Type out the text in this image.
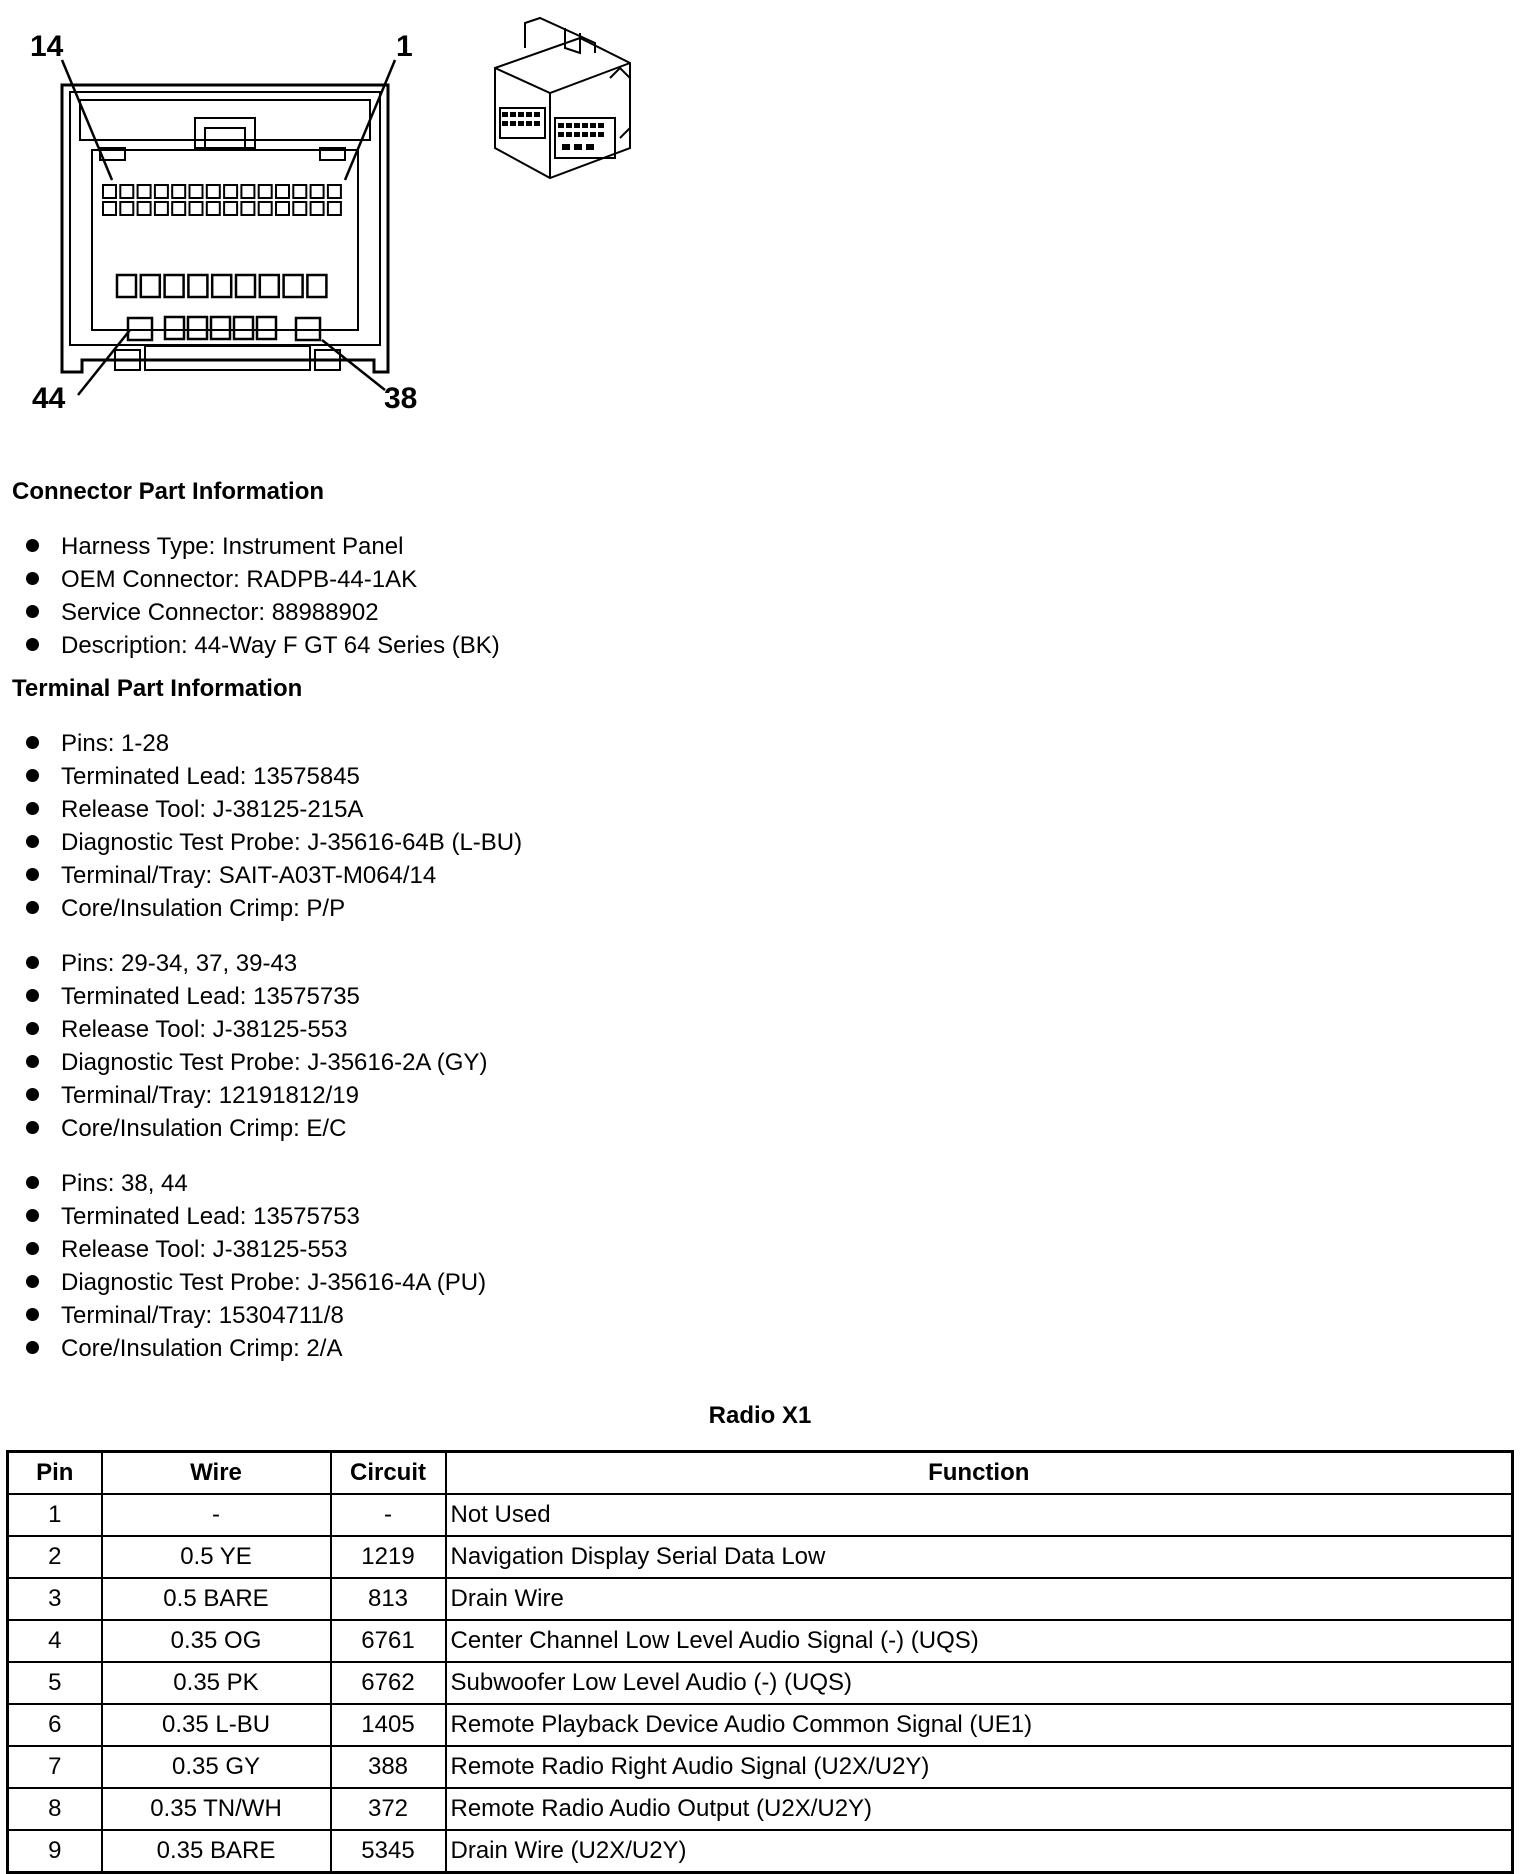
14	1
44	38
Connector Part Information
Harness Type: Instrument Panel
OEM Connector: RADPB-44-1AK
Service Connector: 88988902
Description: 44-Way F GT 64 Series (BK)
Terminal Part Information
Pins: 1-28
Terminated Lead: 13575845
Release Tool: J-38125-215A
Diagnostic Test Probe: J-35616-64B (L-BU)
Terminal/Tray: SAIT-A03T-M064/14
Core/Insulation Crimp: P/P
Pins: 29-34, 37, 39-43
Terminated Lead: 13575735
Release Tool: J-38125-553
Diagnostic Test Probe: J-35616-2A (GY)
Terminal/Tray: 12191812/19
Core/Insulation Crimp: E/C
Pins: 38, 44
Terminated Lead: 13575753
Release Tool: J-38125-553
Diagnostic Test Probe: J-35616-4A (PU)
Terminal/Tray: 15304711/8
Core/Insulation Crimp: 2/A
Radio X1
Pin	Wire	Circuit	Function
1	-	-	Not Used
2	0.5 YE	1219	Navigation Display Serial Data Low
3	0.5 BARE	813	Drain Wire
4	0.35 OG	6761	Center Channel Low Level Audio Signal (-) (UQS)
5	0.35 PK	6762	Subwoofer Low Level Audio (-) (UQS)
6	0.35 L-BU	1405	Remote Playback Device Audio Common Signal (UE1)
7	0.35 GY	388	Remote Radio Right Audio Signal (U2X/U2Y)
8	0.35 TN/WH	372	Remote Radio Audio Output (U2X/U2Y)
9	0.35 BARE	5345	Drain Wire (U2X/U2Y)
